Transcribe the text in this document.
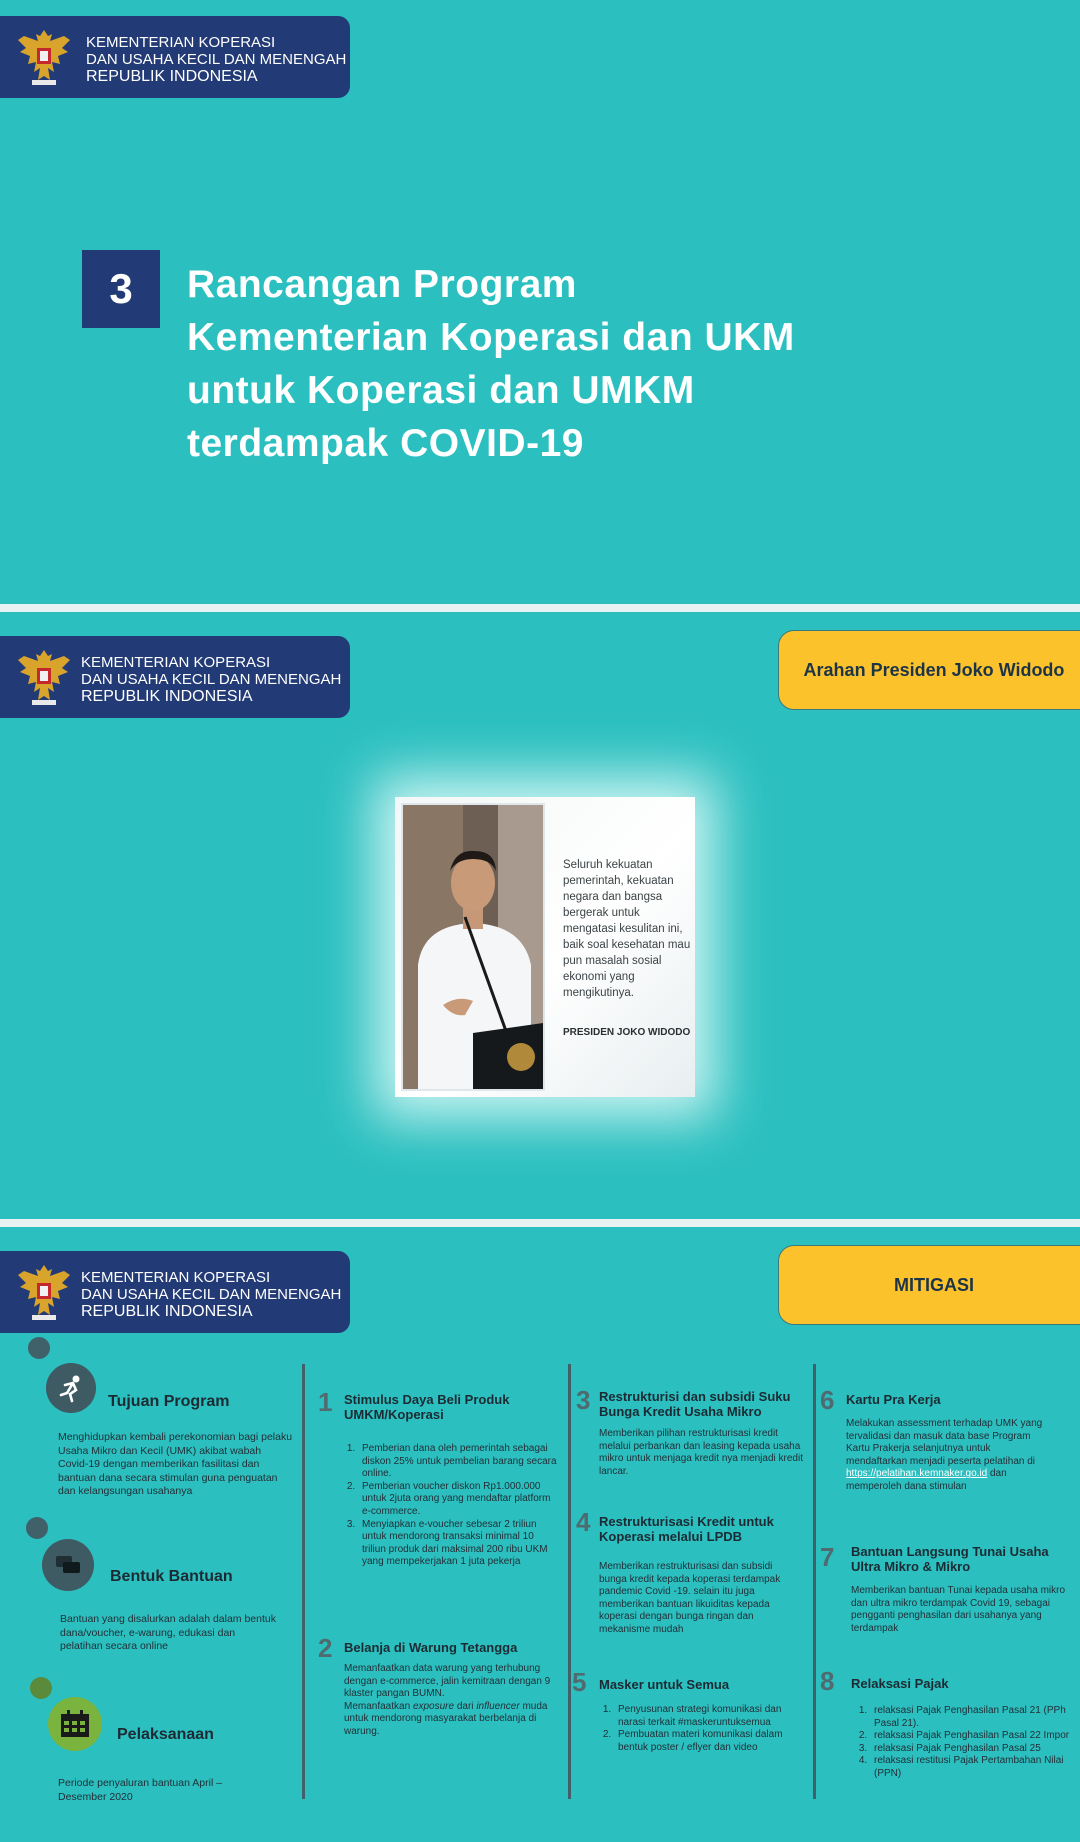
KEMENTERIAN KOPERASI
DAN USAHA KECIL DAN MENENGAH
REPUBLIK INDONESIA
3	Rancangan Program
Kementerian Koperasi dan UKM
untuk Koperasi dan UMKM
terdampak COVID-19
KEMENTERIAN KOPERASI
DAN USAHA KECIL DAN MENENGAH
REPUBLIK INDONESIA
Arahan Presiden Joko Widodo
Seluruh kekuatan pemerintah, kekuatan negara dan bangsa bergerak untuk mengatasi kesulitan ini, baik soal kesehatan mau pun masalah sosial ekonomi yang mengikutinya.
PRESIDEN JOKO WIDODO
KEMENTERIAN KOPERASI
DAN USAHA KECIL DAN MENENGAH
REPUBLIK INDONESIA
MITIGASI
Tujuan Program
Menghidupkan kembali perekonomian bagi pelaku Usaha Mikro dan Kecil (UMK) akibat wabah Covid-19 dengan memberikan fasilitasi dan bantuan dana secara stimulan guna penguatan dan kelangsungan usahanya
Bentuk Bantuan
Bantuan yang disalurkan adalah dalam bentuk dana/voucher, e-warung, edukasi dan pelatihan secara online
Pelaksanaan
Periode penyaluran bantuan April – Desember 2020
1 Stimulus Daya Beli Produk UMKM/Koperasi
1. Pemberian dana oleh pemerintah sebagai diskon 25% untuk pembelian barang secara online.
2. Pemberian voucher diskon Rp1.000.000 untuk 2juta orang yang mendaftar platform e-commerce.
3. Menyiapkan e-voucher sebesar 2 triliun untuk mendorong transaksi minimal 10 triliun produk dari maksimal 200 ribu UKM yang mempekerjakan 1 juta pekerja
2 Belanja di Warung Tetangga
Memanfaatkan data warung yang terhubung dengan e-commerce, jalin kemitraan dengan 9 klaster pangan BUMN.
Memanfaatkan exposure dari influencer muda untuk mendorong masyarakat berbelanja di warung.
3 Restrukturisi dan subsidi Suku Bunga Kredit Usaha Mikro
Memberikan pilihan restrukturisasi kredit melalui perbankan dan leasing kepada usaha mikro untuk menjaga kredit nya menjadi kredit lancar.
4 Restrukturisasi Kredit untuk Koperasi melalui LPDB
Memberikan restrukturisasi dan subsidi bunga kredit kepada koperasi terdampak pandemic Covid -19. selain itu juga memberikan bantuan likuiditas kepada koperasi dengan bunga ringan dan mekanisme mudah
5 Masker untuk Semua
1. Penyusunan strategi komunikasi dan narasi terkait #maskeruntuksemua
2. Pembuatan materi komunikasi dalam bentuk poster / eflyer dan video
6 Kartu Pra Kerja
Melakukan assessment terhadap UMK yang tervalidasi dan masuk data base Program Kartu Prakerja selanjutnya untuk mendaftarkan menjadi peserta pelatihan di https://pelatihan.kemnaker.go.id dan memperoleh dana stimulan
7 Bantuan Langsung Tunai Usaha Ultra Mikro & Mikro
Memberikan bantuan Tunai kepada usaha mikro dan ultra mikro terdampak Covid 19, sebagai pengganti penghasilan dari usahanya yang terdampak
8 Relaksasi Pajak
1. relaksasi Pajak Penghasilan Pasal 21 (PPh Pasal 21).
2. relaksasi Pajak Penghasilan Pasal 22 Impor
3. relaksasi Pajak Penghasilan Pasal 25
4. relaksasi restitusi Pajak Pertambahan Nilai (PPN)
